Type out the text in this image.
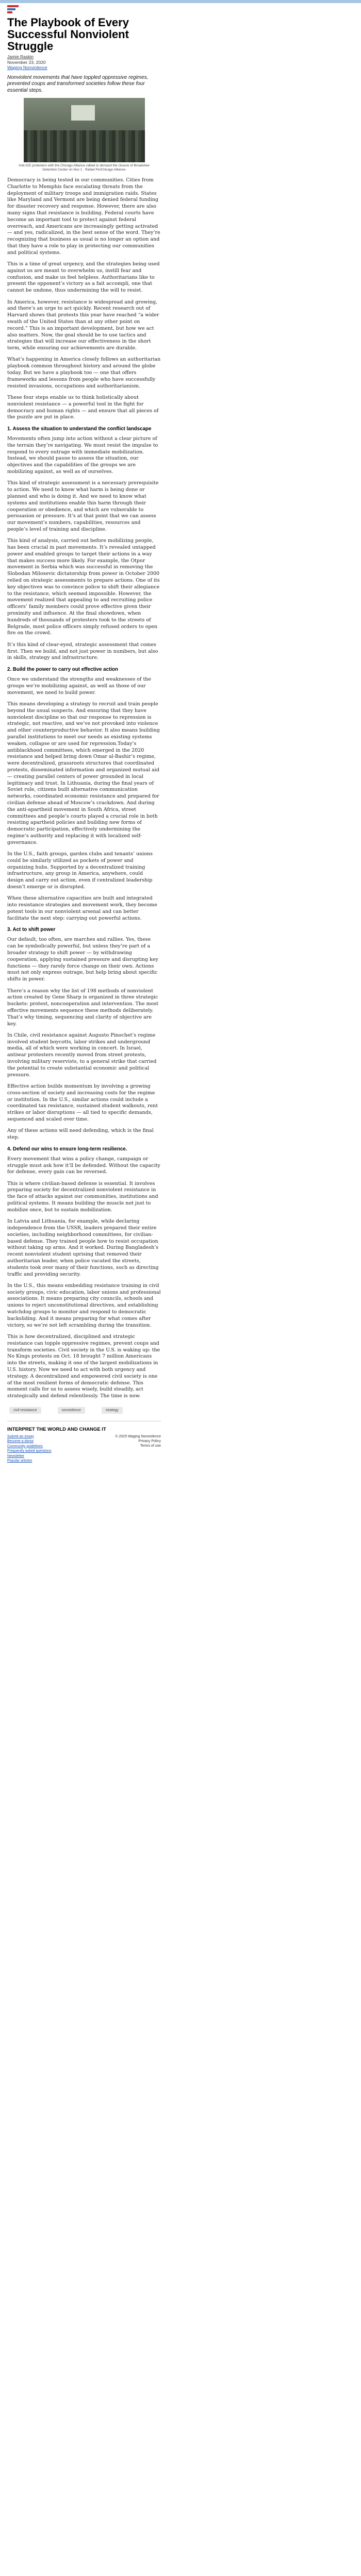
The Playbook of Every Successful Nonviolent Struggle
Jamie Raskin
November 23, 2020
Waging Nonviolence

Nonviolent movements that have toppled oppressive regimes, prevented coups and transformed societies follow these four essential steps.

Anti-ICE protesters with the Chicago Alliance rallied to demand the closure of Broadview Detention Center on Nov 1 · Rafael Pe/Chicago Alliance

Democracy is being tested in our communities. Cities from Charlotte to Memphis face escalating threats from the deployment of military troops and immigration raids. States like Maryland and Vermont are being denied federal funding for disaster recovery and response. However, there are also many signs that resistance is building. Federal courts have become an important tool to protect against federal overreach, and Americans are increasingly getting activated — and yes, radicalized, in the best sense of the word. They’re recognizing that business as usual is no longer an option and that they have a role to play in protecting our communities and political systems.

This is a time of great urgency, and the strategies being used against us are meant to overwhelm us, instill fear and confusion, and make us feel helpless. Authoritarians like to present the opponent’s victory as a fait accompli, one that cannot be undone, thus undermining the will to resist.

In America, however, resistance is widespread and growing, and there’s an urge to act quickly. Recent research out of Harvard shows that protests this year have reached “a wider swath of the United States than at any other point on record.” This is an important development, but how we act also matters. Now, the goal should be to use tactics and strategies that will increase our effectiveness in the short term, while ensuring our achievements are durable.

What’s happening in America closely follows an authoritarian playbook common throughout history and around the globe today. But we have a playbook too — one that offers frameworks and lessons from people who have successfully resisted invasions, occupations and authoritarianism.

These four steps enable us to think holistically about nonviolent resistance — a powerful tool in the fight for democracy and human rights — and ensure that all pieces of the puzzle are put in place.

1. Assess the situation to understand the conflict landscape

Movements often jump into action without a clear picture of the terrain they’re navigating. We must resist the impulse to respond to every outrage with immediate mobilization. Instead, we should pause to assess the situation, our objectives and the capabilities of the groups we are mobilizing against, as well as of ourselves.

This kind of strategic assessment is a necessary prerequisite to action. We need to know what harm is being done or planned and who is doing it. And we need to know what systems and institutions enable this harm through their cooperation or obedience, and which are vulnerable to persuasion or pressure. It’s at that point that we can assess our movement’s numbers, capabilities, resources and people’s level of training and discipline.

This kind of analysis, carried out before mobilizing people, has been crucial in past movements. It’s revealed untapped power and enabled groups to target their actions in a way that makes success more likely. For example, the Otpor movement in Serbia which was successful in removing the Slobodan Milosevic dictatorship from power in October 2000 relied on strategic assessments to prepare actions. One of its key objectives was to convince police to shift their allegiance to the resistance, which seemed impossible. However, the movement realized that appealing to and recruiting police officers’ family members could prove effective given their proximity and influence. At the final showdown, when hundreds of thousands of protesters took to the streets of Belgrade, most police officers simply refused orders to open fire on the crowd.

It’s this kind of clear-eyed, strategic assessment that comes first. Then we build, and not just power in numbers, but also in skills, strategy and infrastructure.

2. Build the power to carry out effective action

Once we understand the strengths and weaknesses of the groups we’re mobilizing against, as well as those of our movement, we need to build power.

This means developing a strategy to recruit and train people beyond the usual suspects. And ensuring that they have nonviolent discipline so that our response to repression is strategic, not reactive, and we’ve not provoked into violence and other counterproductive behavior. It also means building parallel institutions to meet our needs as existing systems weaken, collapse or are used for repression.Today’s antiblackhood committees, which emerged in the 2020 resistance and helped bring down Omar al-Bashir’s regime, were decentralized, grassroots structures that coordinated protests, disseminated information and organized mutual aid — creating parallel centers of power grounded in local legitimacy and trust. In Lithuania, during the final years of Soviet rule, citizens built alternative communication networks, coordinated economic resistance and prepared for civilian defense ahead of Moscow’s crackdown. And during the anti-apartheid movement in South Africa, street committees and people’s courts played a crucial role in both resisting apartheid policies and building new forms of democratic participation, effectively undermining the regime’s authority and replacing it with localized self-governance.

In the U.S., faith groups, garden clubs and tenants’ unions could be similarly utilized as pockets of power and organizing hubs. Supported by a decentralized training infrastructure, any group in America, anywhere, could design and carry out action, even if centralized leadership doesn’t emerge or is disrupted.

When these alternative capacities are built and integrated into resistance strategies and movement work, they become potent tools in our nonviolent arsenal and can better facilitate the next step: carrying out powerful actions.

3. Act to shift power

Our default, too often, are marches and rallies. Yes, these can be symbolically powerful, but unless they’re part of a broader strategy to shift power — by withdrawing cooperation, applying sustained pressure and disrupting key functions — they rarely force change on their own. Actions must not only express outrage, but help bring about specific shifts in power.

There’s a reason why the list of 198 methods of nonviolent action created by Gene Sharp is organized in three strategic buckets: protest, noncooperation and intervention. The most effective movements sequence these methods deliberately. That’s why timing, sequencing and clarity of objective are key.

In Chile, civil resistance against Augusto Pinochet’s regime involved student boycotts, labor strikes and underground media, all of which were working in concert. In Israel, antiwar protesters recently moved from street protests, involving military reservists, to a general strike that carried the potential to create substantial economic and political pressure.

Effective action builds momentum by involving a growing cross-section of society and increasing costs for the regime or institution. In the U.S., similar actions could include a coordinated tax resistance, sustained student walkouts, rent strikes or labor disruptions — all tied to specific demands, sequenced and scaled over time.

Any of these actions will need defending, which is the final step.

4. Defend our wins to ensure long-term resilience.

Every movement that wins a policy change, campaign or struggle must ask how it’ll be defended. Without the capacity for defense, every gain can be reversed.

This is where civilian-based defense is essential. It involves preparing society for decentralized nonviolent resistance in the face of attacks against our communities, institutions and political systems. It means building the muscle not just to mobilize once, but to sustain mobilization.

In Latvia and Lithuania, for example, while declaring independence from the USSR, leaders prepared their entire societies, including neighborhood committees, for civilian-based defense. They trained people how to resist occupation without taking up arms. And it worked. During Bangladesh’s recent nonviolent student uprising that removed their authoritarian leader, when police vacated the streets, students took over many of their functions, such as directing traffic and providing security.

In the U.S., this means embedding resistance training in civil society groups, civic education, labor unions and professional associations. It means preparing city councils, schools and unions to reject unconstitutional directives, and establishing watchdog groups to monitor and respond to democratic backsliding. And it means preparing for what comes after victory, so we’re not left scrambling during the transition.

This is how decentralized, disciplined and strategic resistance can topple oppressive regimes, prevent coups and transform societies. Civil society in the U.S. is waking up: the No Kings protests on Oct. 18 brought 7 million Americans into the streets, making it one of the largest mobilizations in U.S. history. Now we need to act with both urgency and strategy. A decentralized and empowered civil society is one of the most resilient forms of democratic defense. This moment calls for us to assess wisely, build steadily, act strategically and defend relentlessly. The time is now.

civil resistance	nonviolence	strategy
INTERPRET THE WORLD AND CHANGE IT
Submit an essay
Become a donor
Community guidelines
Frequently asked questions
Newsletter
Popular articles
© 2025 Waging Nonviolence
Privacy Policy
Terms of use
